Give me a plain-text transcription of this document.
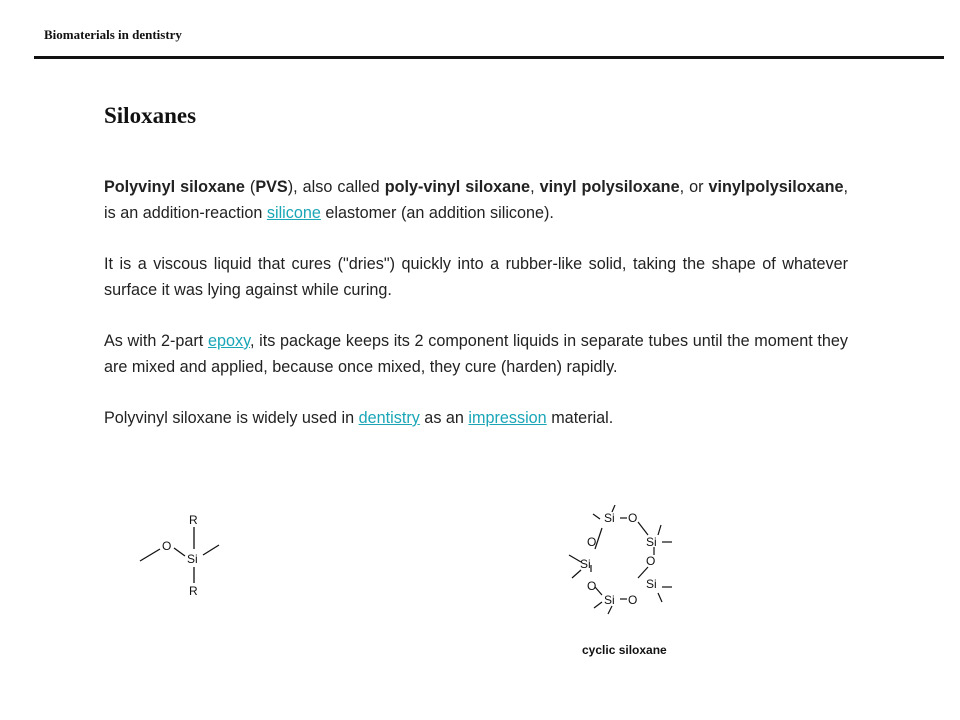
Biomaterials in dentistry
Siloxanes

Polyvinyl siloxane (PVS), also called poly-vinyl siloxane, vinyl polysiloxane, or vinylpolysiloxane, is an addition-reaction silicone elastomer (an addition silicone).

It is a viscous liquid that cures ("dries") quickly into a rubber-like solid, taking the shape of whatever surface it was lying against while curing.

As with 2-part epoxy, its package keeps its 2 component liquids in separate tubes until the moment they are mixed and applied, because once mixed, they cure (harden) rapidly.

Polyvinyl siloxane is widely used in dentistry as an impression material.

R
O
Si
R
Si O
Si
O
O
Si
Si
O
Si O
cyclic siloxane
